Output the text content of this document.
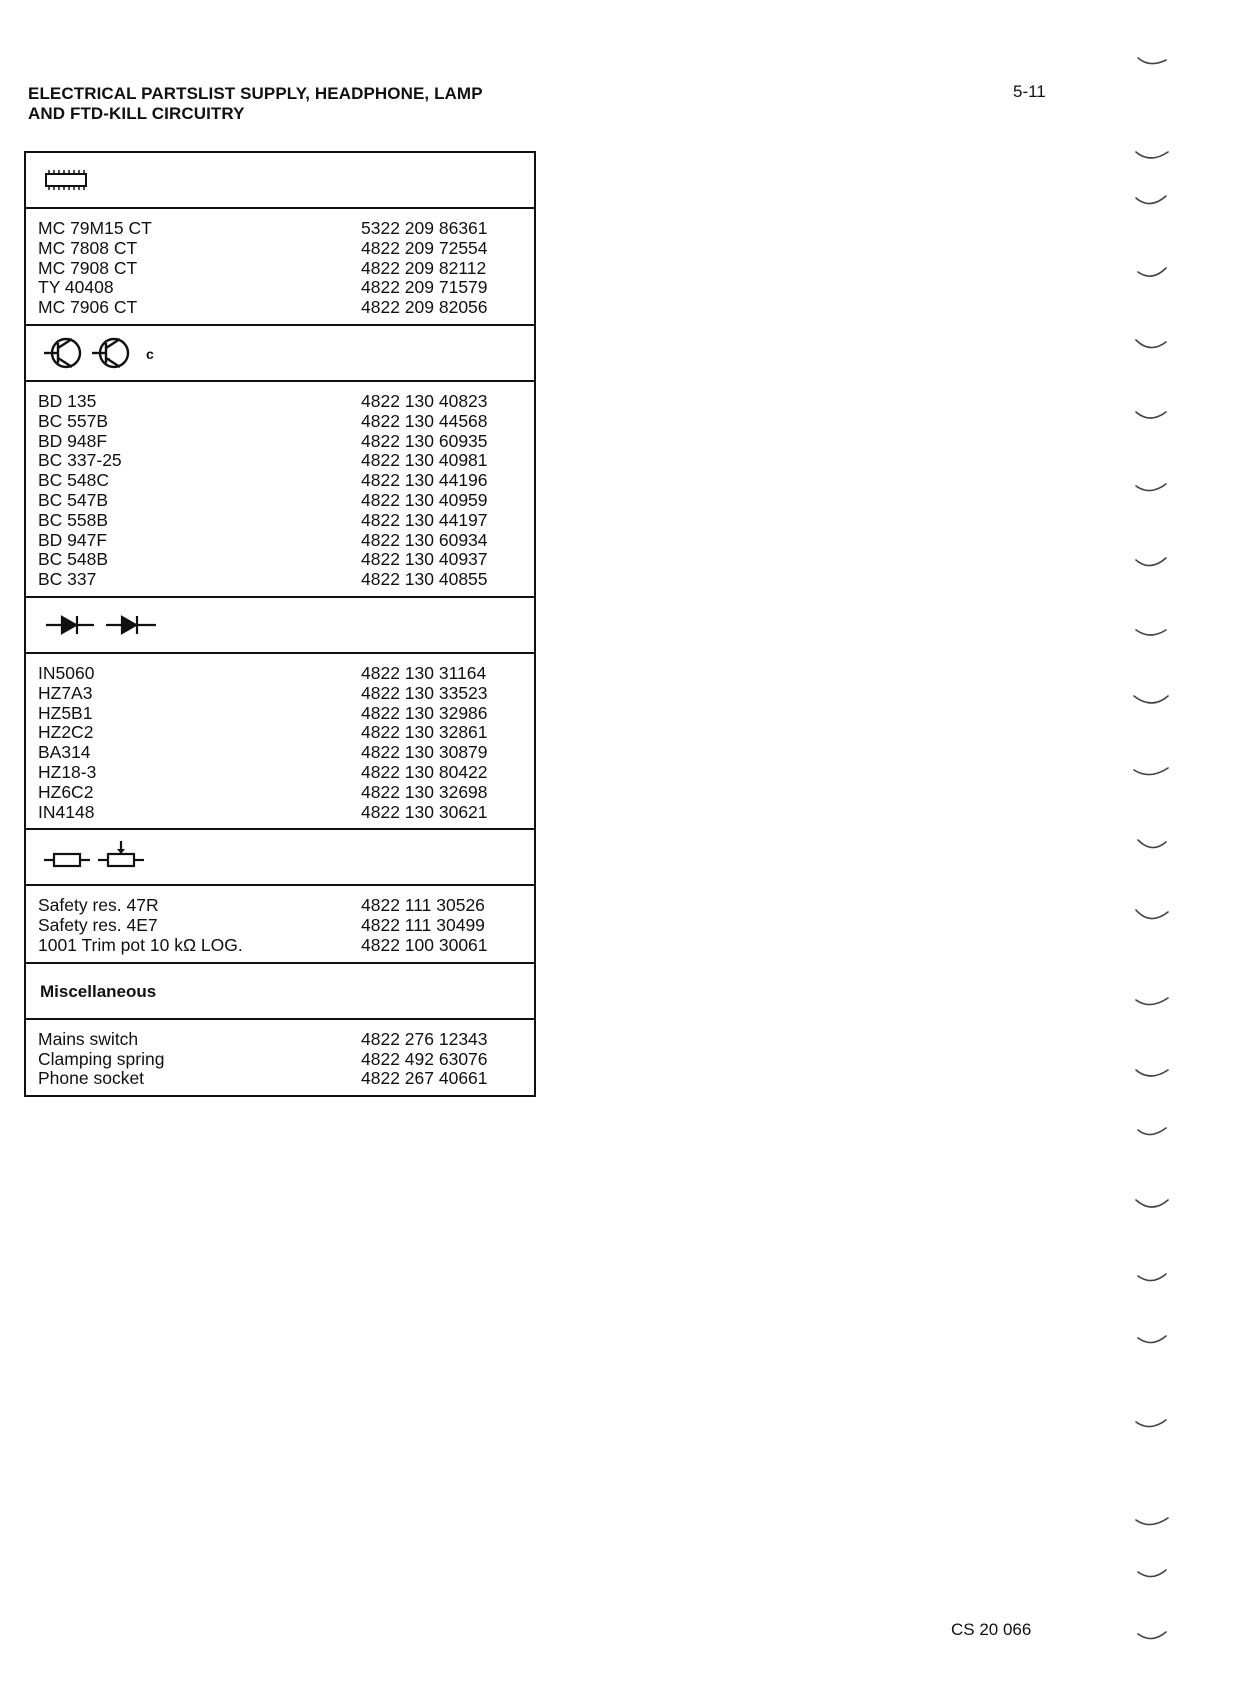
ELECTRICAL PARTSLIST SUPPLY, HEADPHONE, LAMP
AND FTD-KILL CIRCUITRY
5-11
MC 79M15 CT	5322 209 86361
MC 7808 CT	4822 209 72554
MC 7908 CT	4822 209 82112
TY 40408	4822 209 71579
MC 7906 CT	4822 209 82056
c
BD 135	4822 130 40823
BC 557B	4822 130 44568
BD 948F	4822 130 60935
BC 337-25	4822 130 40981
BC 548C	4822 130 44196
BC 547B	4822 130 40959
BC 558B	4822 130 44197
BD 947F	4822 130 60934
BC 548B	4822 130 40937
BC 337	4822 130 40855
IN5060	4822 130 31164
HZ7A3	4822 130 33523
HZ5B1	4822 130 32986
HZ2C2	4822 130 32861
BA314	4822 130 30879
HZ18-3	4822 130 80422
HZ6C2	4822 130 32698
IN4148	4822 130 30621
Safety res. 47R	4822 111 30526
Safety res. 4E7	4822 111 30499
1001 Trim pot 10 kΩ LOG.	4822 100 30061
Miscellaneous
Mains switch	4822 276 12343
Clamping spring	4822 492 63076
Phone socket	4822 267 40661
CS 20 066
